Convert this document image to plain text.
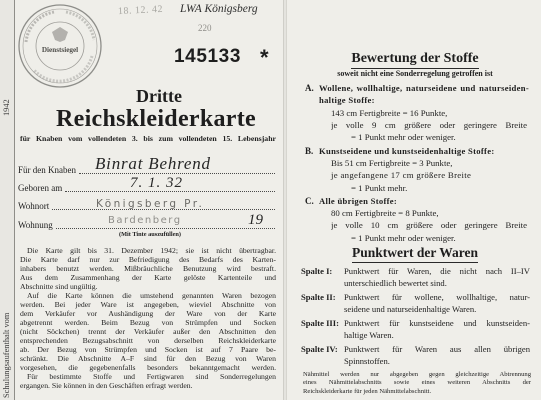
1942
Schulungsaufenthalt vom
Dienstsiegel
18. 12. 42
220
LWA Königsberg
145133 *
Dritte
Reichskleiderkarte
für Knaben vom vollendeten 3. bis zum vollendeten 15. Lebensjahr
Für den Knaben Binrat Behrend
Geboren am	7. 1. 32
Wohnort	Königsberg Pr.
Wohnung	Bardenberg	19
(Mit Tinte auszufüllen)
Die Karte gilt bis 31. Dezember 1942; sie ist nicht übertragbar.
Die Karte darf nur zur Befriedigung des Bedarfs des Karten-
inhabers benutzt werden. Mißbräuchliche Benutzung wird bestraft.
Aus dem Zusammenhang der Karte gelöste Kartenteile und
Abschnitte sind ungültig.
Auf die Karte können die umstehend genannten Waren bezogen
werden. Bei jeder Ware ist angegeben, wieviel Abschnitte von
dem Verkäufer vor Aushändigung der Ware von der Karte
abgetrennt werden. Beim Bezug von Strümpfen und Socken
(nicht Söckchen) trennt der Verkäufer außer den Abschnitten den
entsprechenden Bezugsabschnitt von derselben Reichskleiderkarte
ab. Der Bezug von Strümpfen und Socken ist auf 7 Paare be-
schränkt. Die Abschnitte A–F sind für den Bezug von Waren
vorgesehen, die gegebenenfalls besonders bekanntgemacht werden.
Für bestimmte Stoffe und Fertigwaren sind Sonderregelungen
ergangen. Sie können in den Geschäften erfragt werden.
Bewertung der Stoffe
soweit nicht eine Sonderregelung getroffen ist
A. Wollene, wollhaltige, naturseidene und naturseiden-
haltige Stoffe:
143 cm Fertigbreite = 16 Punkte,
je volle 9 cm größere oder geringere Breite
= 1 Punkt mehr oder weniger.
B. Kunstseidene und kunstseidenhaltige Stoffe:
Bis 51 cm Fertigbreite = 3 Punkte,
je angefangene 17 cm größere Breite
= 1 Punkt mehr.
C. Alle übrigen Stoffe:
80 cm Fertigbreite = 8 Punkte,
je volle 10 cm größere oder geringere Breite
= 1 Punkt mehr oder weniger.
Punktwert der Waren
Spalte I: Punktwert für Waren, die nicht nach II–IV
unterschiedlich bewertet sind.
Spalte II: Punktwert für wollene, wollhaltige, natur-
seidene und naturseidenhaltige Waren.
Spalte III: Punktwert für kunstseidene und kunstseiden-
haltige Waren.
Spalte IV: Punktwert für Waren aus allen übrigen
Spinnstoffen.
Nähmittel werden nur abgegeben gegen gleichzeitige Abtrennung
eines Nähmittelabschnitts sowie eines weiteren Abschnitts der
Reichskleiderkarte für jeden Nähmittelabschnitt.
